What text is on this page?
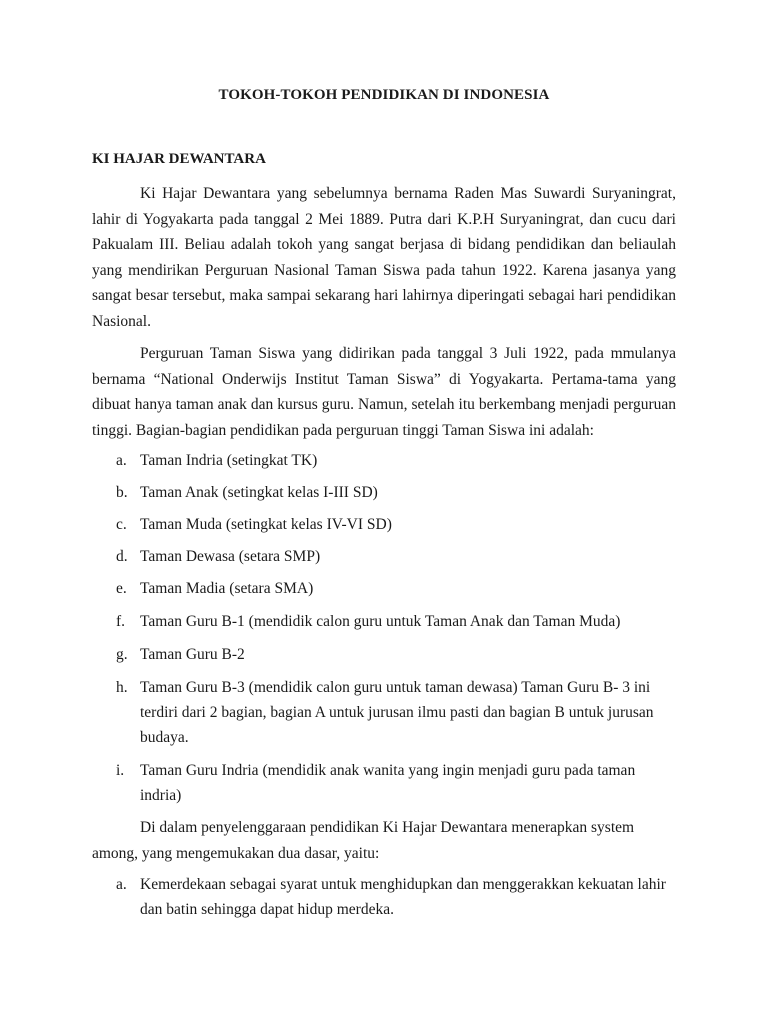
TOKOH-TOKOH PENDIDIKAN DI INDONESIA
KI HAJAR DEWANTARA

Ki Hajar Dewantara yang sebelumnya bernama Raden Mas Suwardi Suryaningrat, lahir di Yogyakarta pada tanggal 2 Mei 1889. Putra dari K.P.H Suryaningrat, dan cucu dari Pakualam III. Beliau adalah tokoh yang sangat berjasa di bidang pendidikan dan beliaulah yang mendirikan Perguruan Nasional Taman Siswa pada tahun 1922. Karena jasanya yang sangat besar tersebut, maka sampai sekarang hari lahirnya diperingati sebagai hari pendidikan Nasional.

Perguruan Taman Siswa yang didirikan pada tanggal 3 Juli 1922, pada mmulanya bernama “National Onderwijs Institut Taman Siswa” di Yogyakarta. Pertama-tama yang dibuat hanya taman anak dan kursus guru. Namun, setelah itu berkembang menjadi perguruan tinggi. Bagian-bagian pendidikan pada perguruan tinggi Taman Siswa ini adalah:

a. Taman Indria (setingkat TK)
b. Taman Anak (setingkat kelas I-III SD)
c. Taman Muda (setingkat kelas IV-VI SD)
d. Taman Dewasa (setara SMP)
e. Taman Madia (setara SMA)
f. Taman Guru B-1 (mendidik calon guru untuk Taman Anak dan Taman Muda)
g. Taman Guru B-2
h. Taman Guru B-3 (mendidik calon guru untuk taman dewasa) Taman Guru B- 3 ini terdiri dari 2 bagian, bagian A untuk jurusan ilmu pasti dan bagian B untuk jurusan budaya.
i. Taman Guru Indria (mendidik anak wanita yang ingin menjadi guru pada taman indria)

Di dalam penyelenggaraan pendidikan Ki Hajar Dewantara menerapkan system among, yang mengemukakan dua dasar, yaitu:

a. Kemerdekaan sebagai syarat untuk menghidupkan dan menggerakkan kekuatan lahir dan batin sehingga dapat hidup merdeka.
